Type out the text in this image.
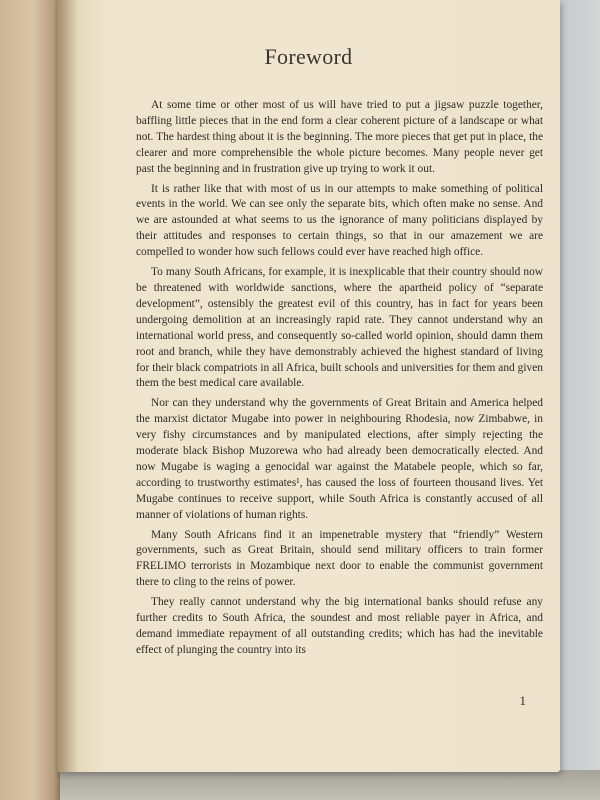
Foreword

At some time or other most of us will have tried to put a jigsaw puzzle together, baffling little pieces that in the end form a clear coherent picture of a landscape or what not. The hardest thing about it is the beginning. The more pieces that get put in place, the clearer and more comprehensible the whole picture becomes. Many people never get past the beginning and in frustration give up trying to work it out.

It is rather like that with most of us in our attempts to make something of political events in the world. We can see only the separate bits, which often make no sense. And we are astounded at what seems to us the ignorance of many politicians displayed by their attitudes and responses to certain things, so that in our amazement we are compelled to wonder how such fellows could ever have reached high office.

To many South Africans, for example, it is inexplicable that their country should now be threatened with worldwide sanctions, where the apartheid policy of “separate development”, ostensibly the greatest evil of this country, has in fact for years been undergoing demolition at an increasingly rapid rate. They cannot understand why an international world press, and consequently so-called world opinion, should damn them root and branch, while they have demonstrably achieved the highest standard of living for their black compatriots in all Africa, built schools and universities for them and given them the best medical care available.

Nor can they understand why the governments of Great Britain and America helped the marxist dictator Mugabe into power in neighbouring Rhodesia, now Zimbabwe, in very fishy circumstances and by manipulated elections, after simply rejecting the moderate black Bishop Muzorewa who had already been democratically elected. And now Mugabe is waging a genocidal war against the Matabele people, which so far, according to trustworthy estimates¹, has caused the loss of fourteen thousand lives. Yet Mugabe continues to receive support, while South Africa is constantly accused of all manner of violations of human rights.

Many South Africans find it an impenetrable mystery that “friendly” Western governments, such as Great Britain, should send military officers to train former FRELIMO terrorists in Mozambique next door to enable the communist government there to cling to the reins of power.

They really cannot understand why the big international banks should refuse any further credits to South Africa, the soundest and most reliable payer in Africa, and demand immediate repayment of all outstanding credits; which has had the inevitable effect of plunging the country into its

1
